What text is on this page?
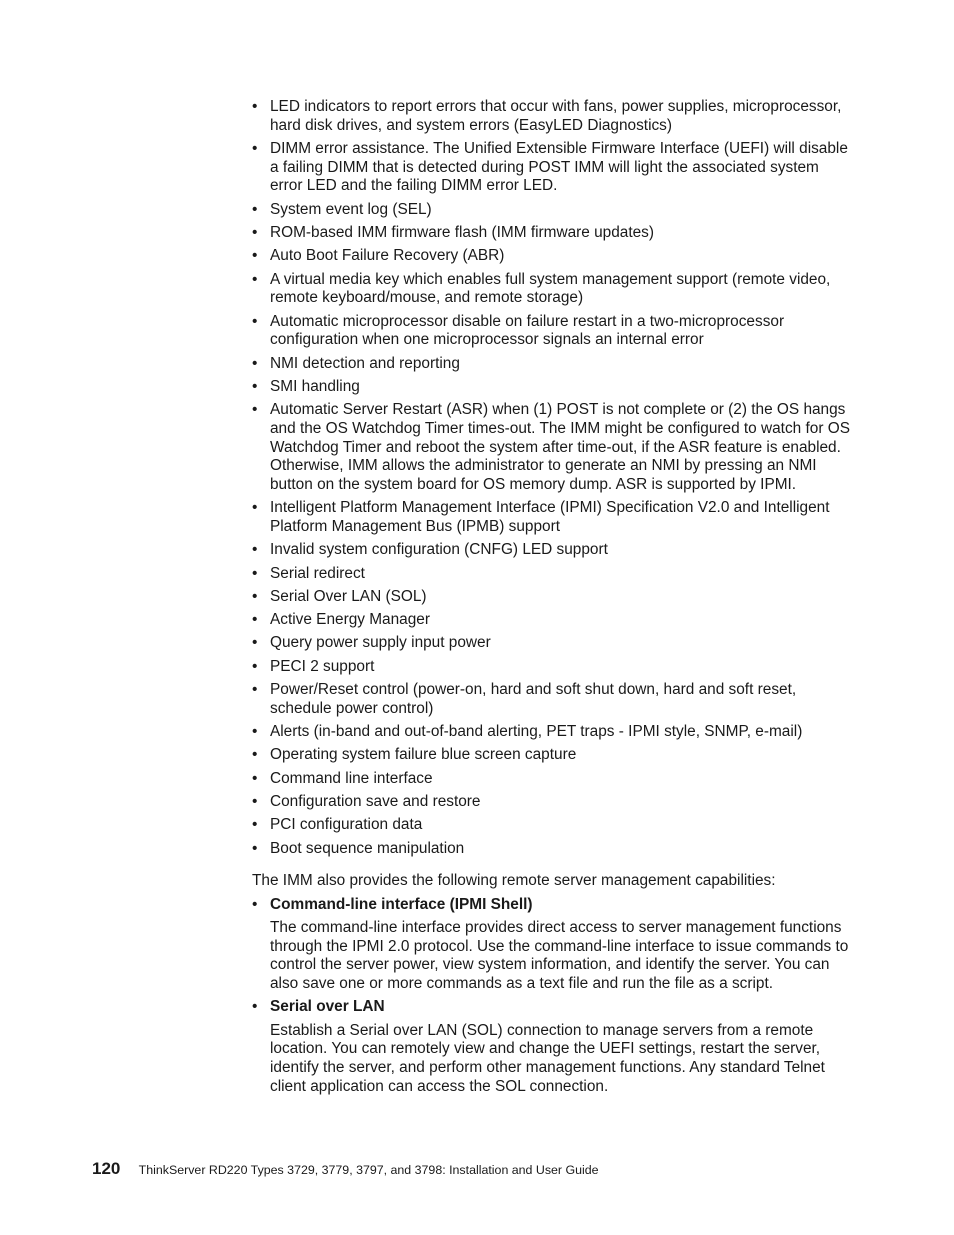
• LED indicators to report errors that occur with fans, power supplies, microprocessor, hard disk drives, and system errors (EasyLED Diagnostics)
• DIMM error assistance. The Unified Extensible Firmware Interface (UEFI) will disable a failing DIMM that is detected during POST IMM will light the associated system error LED and the failing DIMM error LED.
• System event log (SEL)
• ROM-based IMM firmware flash (IMM firmware updates)
• Auto Boot Failure Recovery (ABR)
• A virtual media key which enables full system management support (remote video, remote keyboard/mouse, and remote storage)
• Automatic microprocessor disable on failure restart in a two-microprocessor configuration when one microprocessor signals an internal error
• NMI detection and reporting
• SMI handling
• Automatic Server Restart (ASR) when (1) POST is not complete or (2) the OS hangs and the OS Watchdog Timer times-out. The IMM might be configured to watch for OS Watchdog Timer and reboot the system after time-out, if the ASR feature is enabled. Otherwise, IMM allows the administrator to generate an NMI by pressing an NMI button on the system board for OS memory dump. ASR is supported by IPMI.
• Intelligent Platform Management Interface (IPMI) Specification V2.0 and Intelligent Platform Management Bus (IPMB) support
• Invalid system configuration (CNFG) LED support
• Serial redirect
• Serial Over LAN (SOL)
• Active Energy Manager
• Query power supply input power
• PECI 2 support
• Power/Reset control (power-on, hard and soft shut down, hard and soft reset, schedule power control)
• Alerts (in-band and out-of-band alerting, PET traps - IPMI style, SNMP, e-mail)
• Operating system failure blue screen capture
• Command line interface
• Configuration save and restore
• PCI configuration data
• Boot sequence manipulation

The IMM also provides the following remote server management capabilities:

• Command-line interface (IPMI Shell)
The command-line interface provides direct access to server management functions through the IPMI 2.0 protocol. Use the command-line interface to issue commands to control the server power, view system information, and identify the server. You can also save one or more commands as a text file and run the file as a script.
• Serial over LAN
Establish a Serial over LAN (SOL) connection to manage servers from a remote location. You can remotely view and change the UEFI settings, restart the server, identify the server, and perform other management functions. Any standard Telnet client application can access the SOL connection.
120 ThinkServer RD220 Types 3729, 3779, 3797, and 3798: Installation and User Guide
